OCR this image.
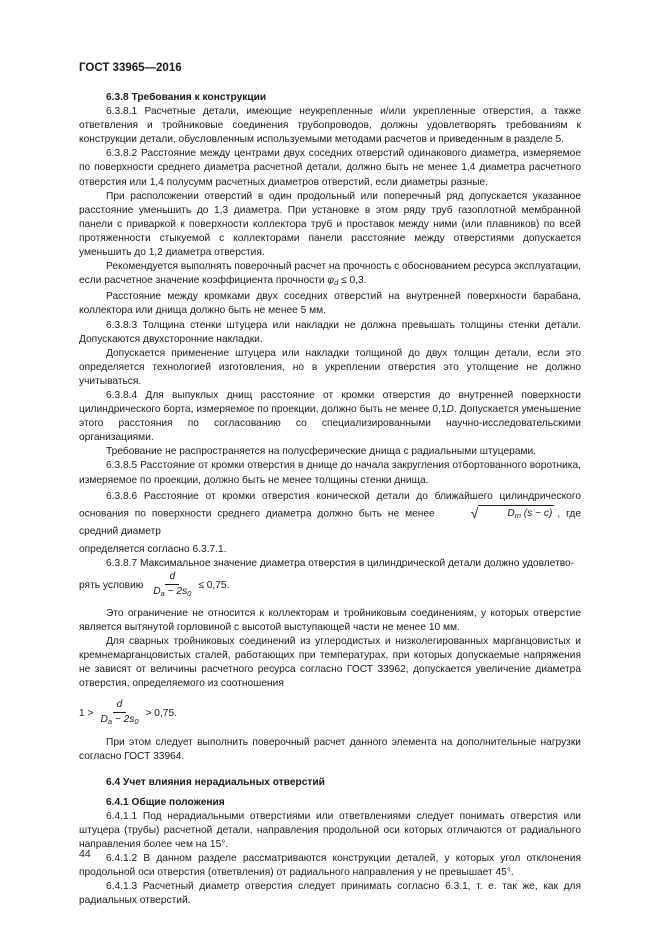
ГОСТ 33965—2016

6.3.8 Требования к конструкции

6.3.8.1 Расчетные детали, имеющие неукрепленные и/или укрепленные отверстия, а также ответвления и тройниковые соединения трубопроводов, должны удовлетворять требованиям к конструкции детали, обусловленным используемыми методами расчетов и приведенным в разделе 5.

6.3.8.2 Расстояние между центрами двух соседних отверстий одинакового диаметра, измеряемое по поверхности среднего диаметра расчетной детали, должно быть не менее 1,4 диаметра расчетного отверстия или 1,4 полусумм расчетных диаметров отверстий, если диаметры разные.

При расположении отверстий в один продольный или поперечный ряд допускается указанное расстояние уменьшить до 1,3 диаметра. При установке в этом ряду труб газоплотной мембранной панели с приваркой к поверхности коллектора труб и проставок между ними (или плавников) по всей протяженности стыкуемой с коллекторами панели расстояние между отверстиями допускается уменьшить до 1,2 диаметра отверстия.

Рекомендуется выполнять поверочный расчет на прочность с обоснованием ресурса эксплуатации, если расчетное значение коэффициента прочности $\varphi_d \le 0,3$.

Расстояние между кромками двух соседних отверстий на внутренней поверхности барабана, коллектора или днища должно быть не менее 5 мм.

6.3.8.3 Толщина стенки штуцера или накладки не должна превышать толщины стенки детали. Допускаются двухсторонние накладки.

Допускается применение штуцера или накладки толщиной до двух толщин детали, если это определяется технологией изготовления, но в укреплении отверстия это утолщение не должно учитываться.

6.3.8.4 Для выпуклых днищ расстояние от кромки отверстия до внутренней поверхности цилиндрического борта, измеряемое по проекции, должно быть не менее 0,1D. Допускается уменьшение этого расстояния по согласованию со специализированными научно-исследовательскими организациями.

Требование не распространяется на полусферические днища с радиальными штуцерами.

6.3.8.5 Расстояние от кромки отверстия в днище до начала закругления отбортованного воротника, измеряемое по проекции, должно быть не менее толщины стенки днища.

6.3.8.6 Расстояние от кромки отверстия конической детали до ближайшего цилиндрического основания по поверхности среднего диаметра должно быть не менее	√	$D_m$ (s − c) , где средний диаметр

определяется согласно 6.3.7.1.

6.3.8.7 Максимальное значение диаметра отверстия в цилиндрической детали должно удовлетво-

рять условию $\frac{d}{D_a - 2s_0} \le 0,75$.

Это ограничение не относится к коллекторам и тройниковым соединениям, у которых отверстие является вытянутой горловиной с высотой выступающей части не менее 10 мм.

Для сварных тройниковых соединений из углеродистых и низколегированных марганцовистых и кремнемарганцовистых сталей, работающих при температурах, при которых допускаемые напряжения не зависят от величины расчетного ресурса согласно ГОСТ 33962, допускается увеличение диаметра отверстия, определяемого из соотношения

$1 > \frac{d}{D_a - 2s_0} > 0,75$.

При этом следует выполнить поверочный расчет данного элемента на дополнительные нагрузки согласно ГОСТ 33964.

6.4 Учет влияния нерадиальных отверстий

6.4.1 Общие положения

6.4.1.1 Под нерадиальными отверстиями или ответвлениями следует понимать отверстия или штуцера (трубы) расчетной детали, направления продольной оси которых отличаются от радиального направления более чем на 15°.

6.4.1.2 В данном разделе рассматриваются конструкции деталей, у которых угол отклонения продольной оси отверстия (ответвления) от радиального направления у не превышает 45°.

6.4.1.3 Расчетный диаметр отверстия следует принимать согласно 6.3.1, т. е. так же, как для радиальных отверстий.

44
